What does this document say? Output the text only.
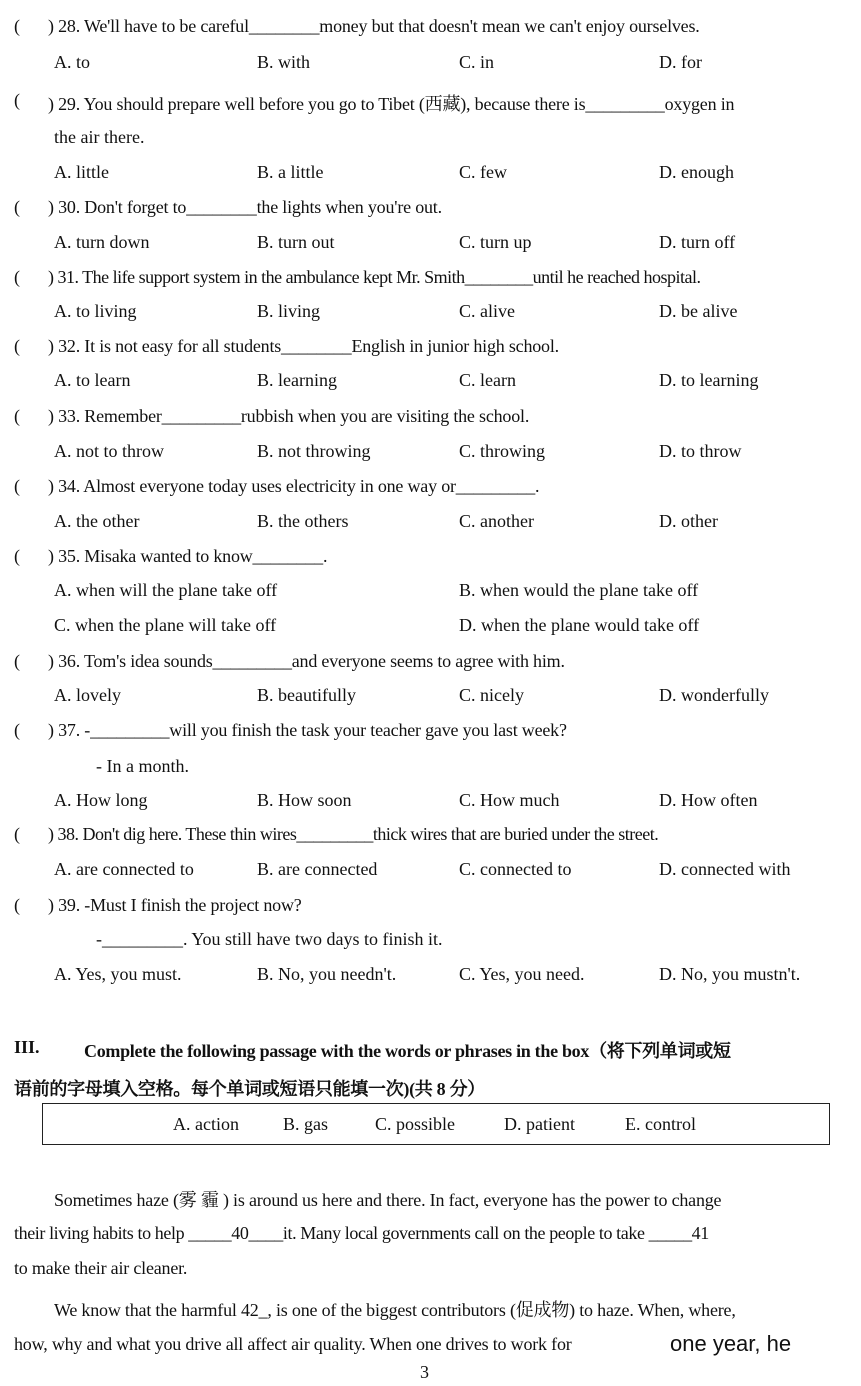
( ) 28. We'll have to be careful________money but that doesn't mean we can't enjoy ourselves.
A. to	B. with	C. in	D. for
( ) 29. You should prepare well before you go to Tibet (西藏), because there is_________oxygen in
the air there.
A. little	B. a little	C. few	D. enough
( ) 30. Don't forget to________the lights when you're out.
A. turn down	B. turn out	C. turn up	D. turn off
( ) 31. The life support system in the ambulance kept Mr. Smith________until he reached hospital.
A. to living	B. living	C. alive	D. be alive
( ) 32. It is not easy for all students________English in junior high school.
A. to learn	B. learning	C. learn	D. to learning
( ) 33. Remember_________rubbish when you are visiting the school.
A. not to throw	B. not throwing	C. throwing	D. to throw
( ) 34. Almost everyone today uses electricity in one way or_________.
A. the other	B. the others	C. another	D. other
( ) 35. Misaka wanted to know________.
A. when will the plane take off	B. when would the plane take off
C. when the plane will take off	D. when the plane would take off
( ) 36. Tom's idea sounds_________and everyone seems to agree with him.
A. lovely	B. beautifully	C. nicely	D. wonderfully
( ) 37. -_________will you finish the task your teacher gave you last week?
- In a month.
A. How long	B. How soon	C. How much	D. How often
( ) 38. Don't dig here. These thin wires_________thick wires that are buried under the street.
A. are connected to	B. are connected	C. connected to	D. connected with
( ) 39. -Must I finish the project now?
-_________. You still have two days to finish it.
A. Yes, you must.	B. No, you needn't.	C. Yes, you need.	D. No, you mustn't.
III. Complete the following passage with the words or phrases in the box（将下列单词或短
语前的字母填入空格。每个单词或短语只能填一次)(共 8 分）
A. action B. gas	C. possible	D. patient	E. control
Sometimes haze (雾 霾 ) is around us here and there. In fact, everyone has the power to change
their living habits to help _____40____it. Many local governments call on the people to take _____41
to make their air cleaner.
We know that the harmful 42_, is one of the biggest contributors (促成物) to haze. When, where,
how, why and what you drive all affect air quality. When one drives to work for	one year, he
3
